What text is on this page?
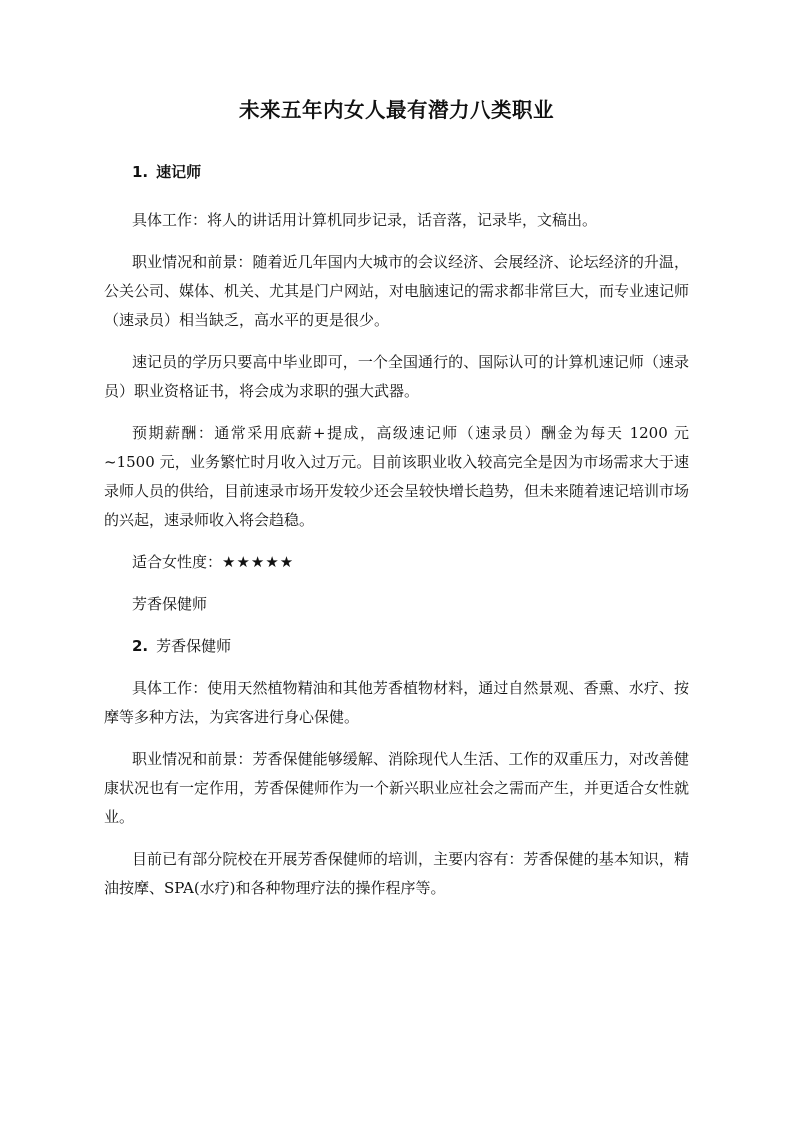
未来五年内女人最有潜力八类职业

1. 速记师

具体工作：将人的讲话用计算机同步记录，话音落，记录毕，文稿出。

职业情况和前景：随着近几年国内大城市的会议经济、会展经济、论坛经济的升温，公关公司、媒体、机关、尤其是门户网站，对电脑速记的需求都非常巨大，而专业速记师（速录员）相当缺乏，高水平的更是很少。

速记员的学历只要高中毕业即可，一个全国通行的、国际认可的计算机速记师（速录员）职业资格证书，将会成为求职的强大武器。

预期薪酬：通常采用底薪+提成，高级速记师（速录员）酬金为每天 1200 元~1500 元，业务繁忙时月收入过万元。目前该职业收入较高完全是因为市场需求大于速录师人员的供给，目前速录市场开发较少还会呈较快增长趋势，但未来随着速记培训市场的兴起，速录师收入将会趋稳。

适合女性度：★★★★★

芳香保健师

2. 芳香保健师

具体工作：使用天然植物精油和其他芳香植物材料，通过自然景观、香熏、水疗、按摩等多种方法，为宾客进行身心保健。

职业情况和前景：芳香保健能够缓解、消除现代人生活、工作的双重压力，对改善健康状况也有一定作用，芳香保健师作为一个新兴职业应社会之需而产生，并更适合女性就业。

目前已有部分院校在开展芳香保健师的培训，主要内容有：芳香保健的基本知识，精油按摩、SPA(水疗)和各种物理疗法的操作程序等。
